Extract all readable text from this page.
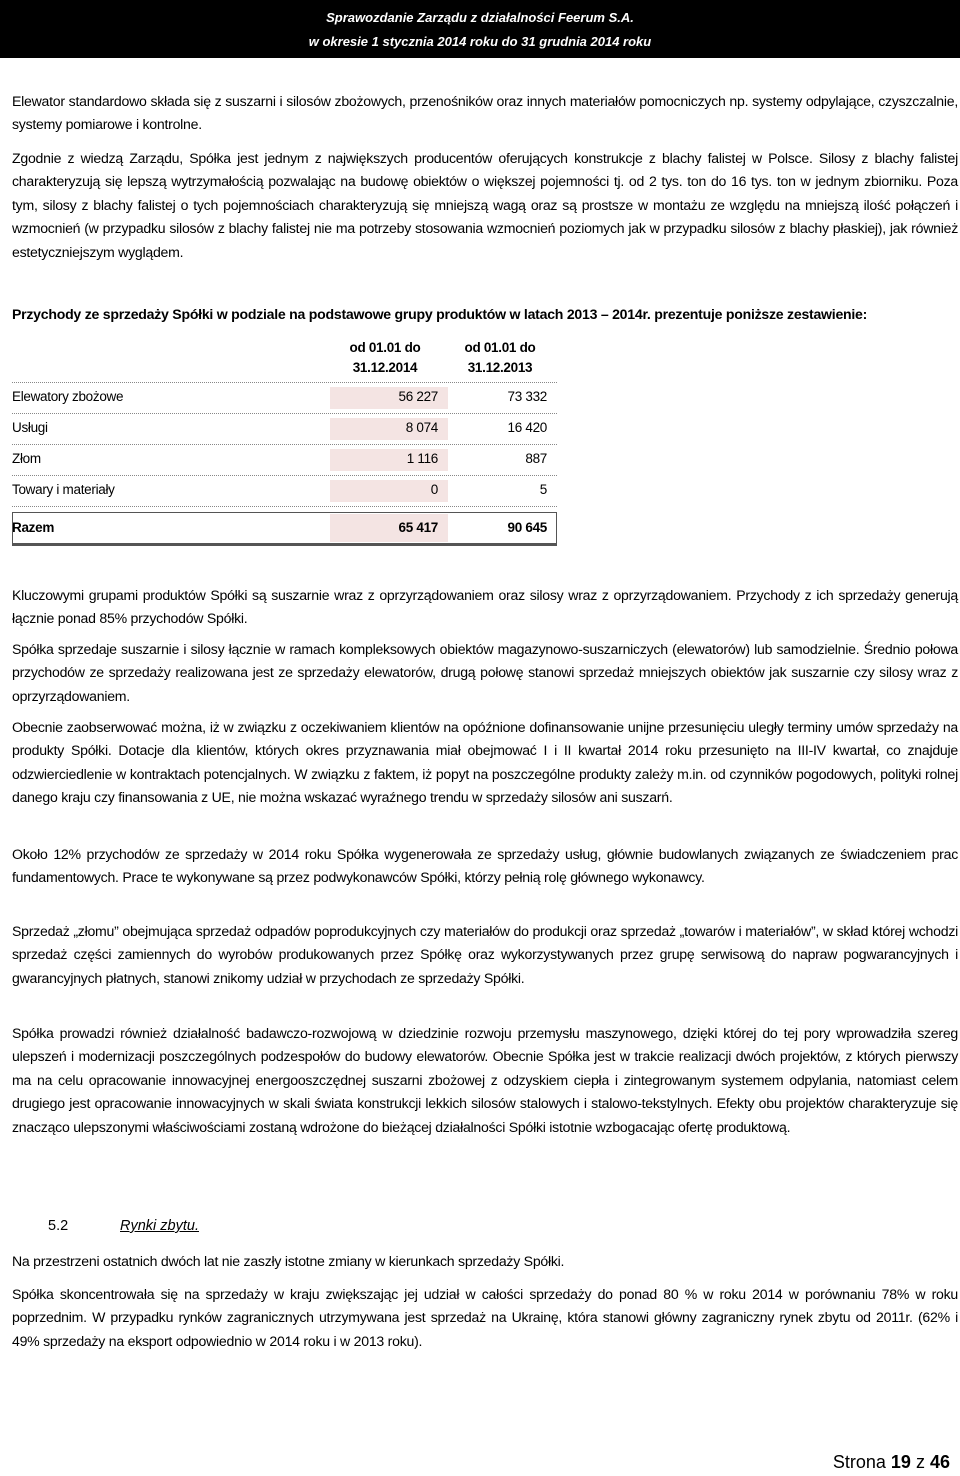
Sprawozdanie Zarządu z działalności Feerum S.A.
w okresie 1 stycznia 2014 roku do 31 grudnia 2014 roku

Elewator standardowo składa się z suszarni i silosów zbożowych, przenośników oraz innych materiałów pomocniczych np. systemy odpylające, czyszczalnie, systemy pomiarowe i kontrolne.

Zgodnie z wiedzą Zarządu, Spółka jest jednym z największych producentów oferujących konstrukcje z blachy falistej w Polsce. Silosy z blachy falistej charakteryzują się lepszą wytrzymałością pozwalając na budowę obiektów o większej pojemności tj. od 2 tys. ton do 16 tys. ton w jednym zbiorniku. Poza tym, silosy z blachy falistej o tych pojemnościach charakteryzują się mniejszą wagą oraz są prostsze w montażu ze względu na mniejszą ilość połączeń i wzmocnień (w przypadku silosów z blachy falistej nie ma potrzeby stosowania wzmocnień poziomych jak w przypadku silosów z blachy płaskiej), jak również estetyczniejszym wyglądem.

Przychody ze sprzedaży Spółki w podziale na podstawowe grupy produktów w latach 2013 – 2014r. prezentuje poniższe zestawienie:

od 01.01 do
31.12.2014
od 01.01 do
31.12.2013
Elewatory zbożowe	56 227	73 332
Usługi	8 074	16 420
Złom	1 116	887
Towary i materiały	0	5
Razem	65 417	90 645

Kluczowymi grupami produktów Spółki są suszarnie wraz z oprzyrządowaniem oraz silosy wraz z oprzyrządowaniem. Przychody z ich sprzedaży generują łącznie ponad 85% przychodów Spółki.

Spółka sprzedaje suszarnie i silosy łącznie w ramach kompleksowych obiektów magazynowo-suszarniczych (elewatorów) lub samodzielnie. Średnio połowa przychodów ze sprzedaży realizowana jest ze sprzedaży elewatorów, drugą połowę stanowi sprzedaż mniejszych obiektów jak suszarnie czy silosy wraz z oprzyrządowaniem.

Obecnie zaobserwować można, iż w związku z oczekiwaniem klientów na opóźnione dofinansowanie unijne przesunięciu uległy terminy umów sprzedaży na produkty Spółki. Dotacje dla klientów, których okres przyznawania miał obejmować I i II kwartał 2014 roku przesunięto na III-IV kwartał, co znajduje odzwierciedlenie w kontraktach potencjalnych. W związku z faktem, iż popyt na poszczególne produkty zależy m.in. od czynników pogodowych, polityki rolnej danego kraju czy finansowania z UE, nie można wskazać wyraźnego trendu w sprzedaży silosów ani suszarń.

Około 12% przychodów ze sprzedaży w 2014 roku Spółka wygenerowała ze sprzedaży usług, głównie budowlanych związanych ze świadczeniem prac fundamentowych. Prace te wykonywane są przez podwykonawców Spółki, którzy pełnią rolę głównego wykonawcy.

Sprzedaż „złomu” obejmująca sprzedaż odpadów poprodukcyjnych czy materiałów do produkcji oraz sprzedaż „towarów i materiałów”, w skład której wchodzi sprzedaż części zamiennych do wyrobów produkowanych przez Spółkę oraz wykorzystywanych przez grupę serwisową do napraw pogwarancyjnych i gwarancyjnych płatnych, stanowi znikomy udział w przychodach ze sprzedaży Spółki.

Spółka prowadzi również działalność badawczo-rozwojową w dziedzinie rozwoju przemysłu maszynowego, dzięki której do tej pory wprowadziła szereg ulepszeń i modernizacji poszczególnych podzespołów do budowy elewatorów. Obecnie Spółka jest w trakcie realizacji dwóch projektów, z których pierwszy ma na celu opracowanie innowacyjnej energooszczędnej suszarni zbożowej z odzyskiem ciepła i zintegrowanym systemem odpylania, natomiast celem drugiego jest opracowanie innowacyjnych w skali świata konstrukcji lekkich silosów stalowych i stalowo-tekstylnych. Efekty obu projektów charakteryzuje się znacząco ulepszonymi właściwościami zostaną wdrożone do bieżącej działalności Spółki istotnie wzbogacając ofertę produktową.

5.2	Rynki zbytu.

Na przestrzeni ostatnich dwóch lat nie zaszły istotne zmiany w kierunkach sprzedaży Spółki.

Spółka skoncentrowała się na sprzedaży w kraju zwiększając jej udział w całości sprzedaży do ponad 80 % w roku 2014 w porównaniu 78% w roku poprzednim. W przypadku rynków zagranicznych utrzymywana jest sprzedaż na Ukrainę, która stanowi główny zagraniczny rynek zbytu od 2011r. (62% i 49% sprzedaży na eksport odpowiednio w 2014 roku i w 2013 roku).

Strona 19 z 46
